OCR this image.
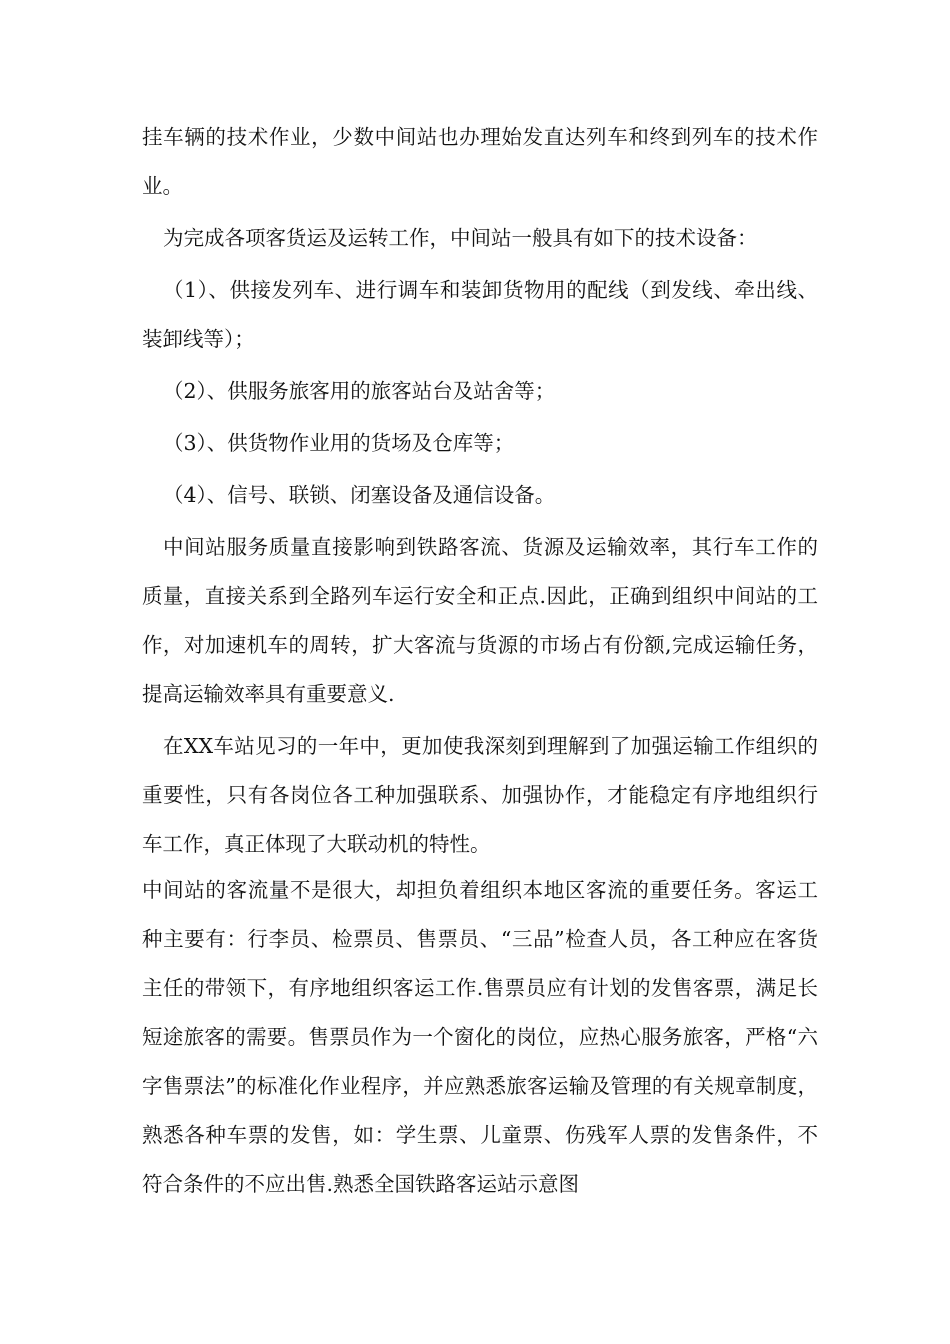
挂车辆的技术作业，少数中间站也办理始发直达列车和终到列车的技术作业。

为完成各项客货运及运转工作，中间站一般具有如下的技术设备：

（1）、供接发列车、进行调车和装卸货物用的配线（到发线、牵出线、装卸线等）；

（2）、供服务旅客用的旅客站台及站舍等；

（3）、供货物作业用的货场及仓库等；

（4）、信号、联锁、闭塞设备及通信设备。

中间站服务质量直接影响到铁路客流、货源及运输效率，其行车工作的质量，直接关系到全路列车运行安全和正点.因此，正确到组织中间站的工作，对加速机车的周转，扩大客流与货源的市场占有份额,完成运输任务，提高运输效率具有重要意义.

在XX车站见习的一年中，更加使我深刻到理解到了加强运输工作组织的重要性，只有各岗位各工种加强联系、加强协作，才能稳定有序地组织行车工作，真正体现了大联动机的特性。

中间站的客流量不是很大，却担负着组织本地区客流的重要任务。客运工种主要有：行李员、检票员、售票员、“三品”检查人员，各工种应在客货主任的带领下，有序地组织客运工作.售票员应有计划的发售客票，满足长短途旅客的需要。售票员作为一个窗化的岗位，应热心服务旅客，严格“六字售票法”的标准化作业程序，并应熟悉旅客运输及管理的有关规章制度，熟悉各种车票的发售，如：学生票、儿童票、伤残军人票的发售条件，不符合条件的不应出售.熟悉全国铁路客运站示意图
